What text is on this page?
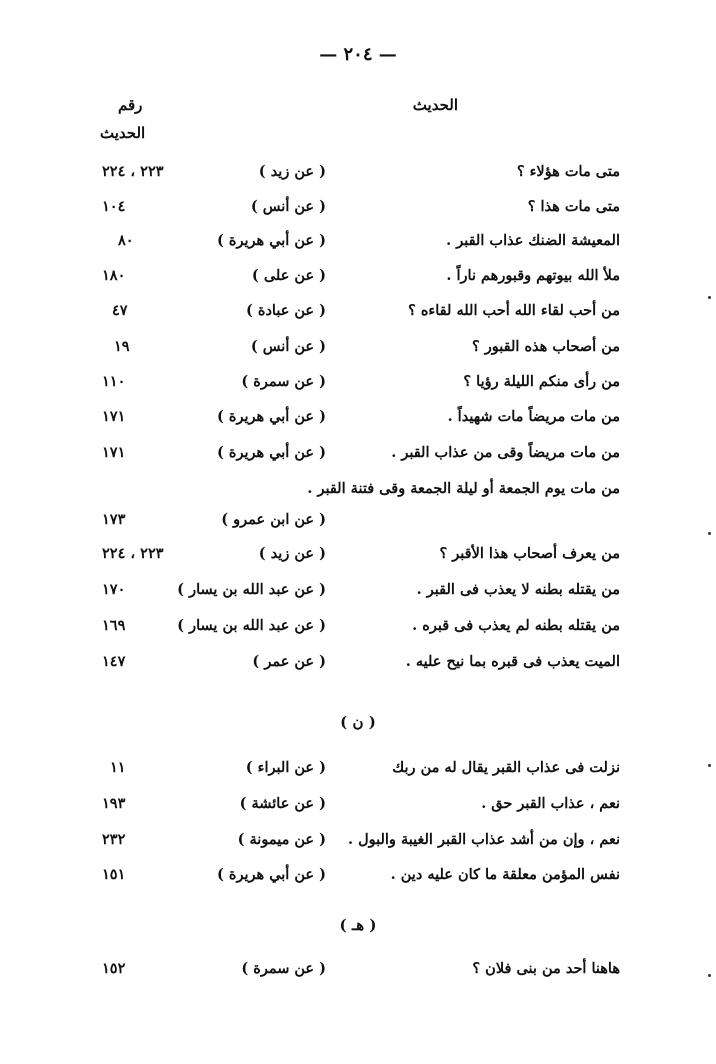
— ٢٠٤ —
الحديث
رقم
الحديث
متى مات هؤلاء ؟
( عن زيد )
٢٢٣ ، ٢٢٤
متى مات هذا ؟
( عن أنس )
١٠٤
المعيشة الضنك عذاب القبر .
( عن أبي هريرة )
٨٠
ملأ الله بيوتهم وقبورهم ناراً .
( عن على )
١٨٠
من أحب لقاء الله أحب الله لقاءه ؟
( عن عبادة )
٤٧
من أصحاب هذه القبور ؟
( عن أنس )
١٩
من رأى منكم الليلة رؤيا ؟
( عن سمرة )
١١٠
من مات مريضاً مات شهيداً .
( عن أبي هريرة )
١٧١
من مات مريضاً وقى من عذاب القبر .
( عن أبي هريرة )
١٧١
من مات يوم الجمعة أو ليلة الجمعة وقى فتنة القبر .
( عن ابن عمرو )
١٧٣
من يعرف أصحاب هذا الأقبر ؟
( عن زيد )
٢٢٣ ، ٢٢٤
من يقتله بطنه لا يعذب فى القبر .
( عن عبد الله بن يسار )
١٧٠
من يقتله بطنه لم يعذب فى قبره .
( عن عبد الله بن يسار )
١٦٩
الميت يعذب فى قبره بما نيح عليه .
( عن عمر )
١٤٧
( ن )
نزلت فى عذاب القبر يقال له من ربك
( عن البراء )
١١
نعم ، عذاب القبر حق .
( عن عائشة )
١٩٣
نعم ، وإن من أشد عذاب القبر الغيبة والبول .
( عن ميمونة )
٢٣٢
نفس المؤمن معلقة ما كان عليه دين .
( عن أبي هريرة )
١٥١
( هـ )
هاهنا أحد من بنى فلان ؟
( عن سمرة )
١٥٢
